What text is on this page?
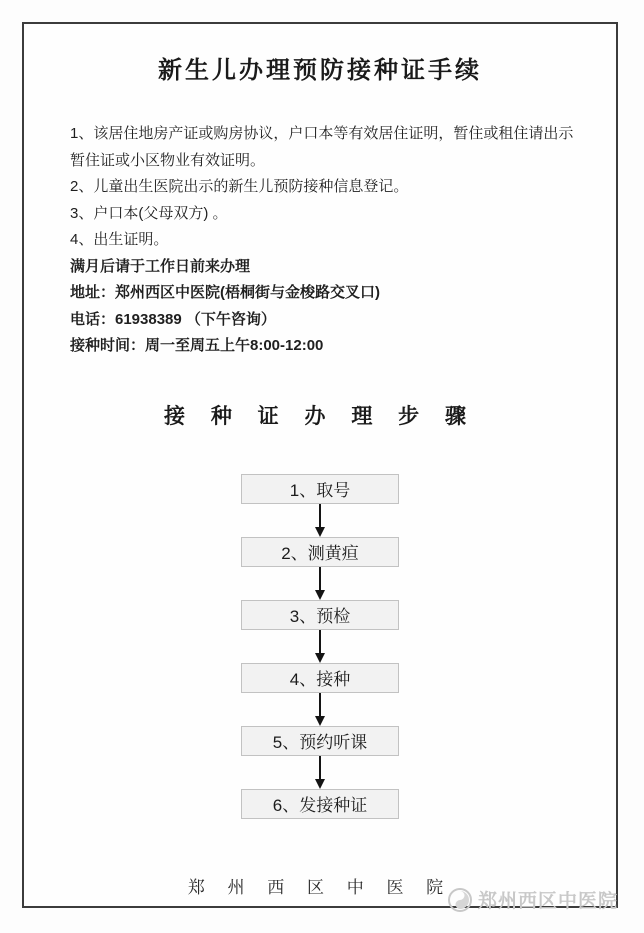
新生儿办理预防接种证手续

1、该居住地房产证或购房协议，户口本等有效居住证明，暂住或租住请出示暂住证或小区物业有效证明。

2、儿童出生医院出示的新生儿预防接种信息登记。

3、户口本(父母双方) 。

4、出生证明。

满月后请于工作日前来办理

地址：郑州西区中医院(梧桐街与金梭路交叉口)

电话：61938389 （下午咨询）

接种时间：周一至周五上午8:00-12:00

接 种 证 办 理 步 骤
1、取号
2、测黄疸
3、预检
4、接种
5、预约听课
6、发接种证
郑 州 西 区 中 医 院
郑州西区中医院
